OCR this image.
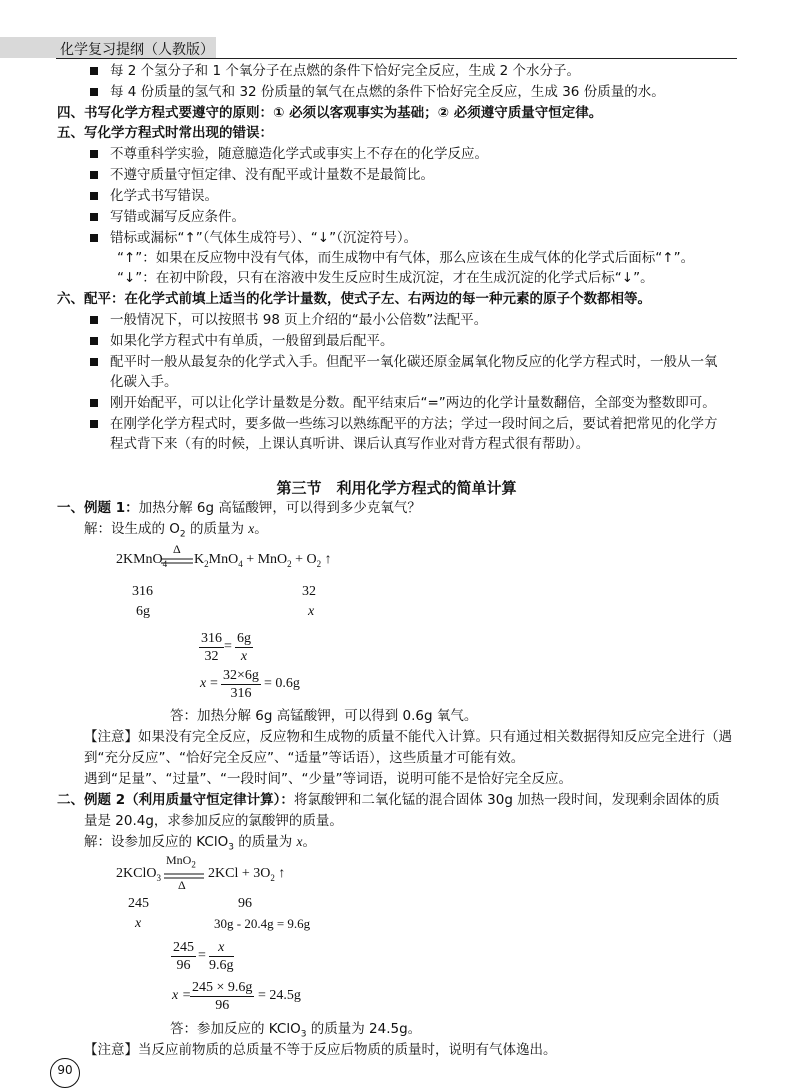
化学复习提纲（人教版）
每 2 个氢分子和 1 个氧分子在点燃的条件下恰好完全反应，生成 2 个水分子。
每 4 份质量的氢气和 32 份质量的氧气在点燃的条件下恰好完全反应，生成 36 份质量的水。
四、书写化学方程式要遵守的原则：① 必须以客观事实为基础；② 必须遵守质量守恒定律。
五、写化学方程式时常出现的错误：
不尊重科学实验，随意臆造化学式或事实上不存在的化学反应。
不遵守质量守恒定律、没有配平或计量数不是最简比。
化学式书写错误。
写错或漏写反应条件。
错标或漏标“↑”（气体生成符号）、“↓”（沉淀符号）。
“↑”：如果在反应物中没有气体，而生成物中有气体，那么应该在生成气体的化学式后面标“↑”。
“↓”：在初中阶段，只有在溶液中发生反应时生成沉淀，才在生成沉淀的化学式后标“↓”。
六、配平：在化学式前填上适当的化学计量数，使式子左、右两边的每一种元素的原子个数都相等。
一般情况下，可以按照书 98 页上介绍的“最小公倍数”法配平。
如果化学方程式中有单质，一般留到最后配平。
配平时一般从最复杂的化学式入手。但配平一氧化碳还原金属氧化物反应的化学方程式时，一般从一氧
化碳入手。
刚开始配平，可以让化学计量数是分数。配平结束后“=”两边的化学计量数翻倍，全部变为整数即可。
在刚学化学方程式时，要多做一些练习以熟练配平的方法；学过一段时间之后，要试着把常见的化学方
程式背下来（有的时候，上课认真听讲、课后认真写作业对背方程式很有帮助）。
第三节　利用化学方程式的简单计算
一、例题 1：加热分解 6g 高锰酸钾，可以得到多少克氧气？
解：设生成的 $O_2$ 的质量为 x。
2KMnO$_4$
Δ
$K_2MnO_4 + MnO_2 + O_2$ ↑
316	32
6g	x
$\frac{316}{32} = \frac{6g}{x}$
$x = \frac{32\times 6g}{316} = 0.6g$
答：加热分解 6g 高锰酸钾，可以得到 0.6g 氧气。
【注意】如果没有完全反应，反应物和生成物的质量不能代入计算。只有通过相关数据得知反应完全进行（遇
到“充分反应”、“恰好完全反应”、“适量”等话语），这些质量才可能有效。
遇到“足量”、“过量”、“一段时间”、“少量”等词语，说明可能不是恰好完全反应。
二、例题 2（利用质量守恒定律计算）：将氯酸钾和二氧化锰的混合固体 30g 加热一段时间，发现剩余固体的质
量是 20.4g，求参加反应的氯酸钾的质量。
解：设参加反应的 KClO$_3$ 的质量为 x。
2KClO$_3$
MnO$_2$
Δ
$2KCl + 3O_2$ ↑
245	96
x	30g - 20.4g = 9.6g
$\frac{245}{96} = \frac{x}{9.6g}$
x =
$\frac{245 \times 9.6g}{96} = 24.5g$
答：参加反应的 KClO$_3$ 的质量为 24.5g。
【注意】当反应前物质的总质量不等于反应后物质的质量时，说明有气体逸出。
90
